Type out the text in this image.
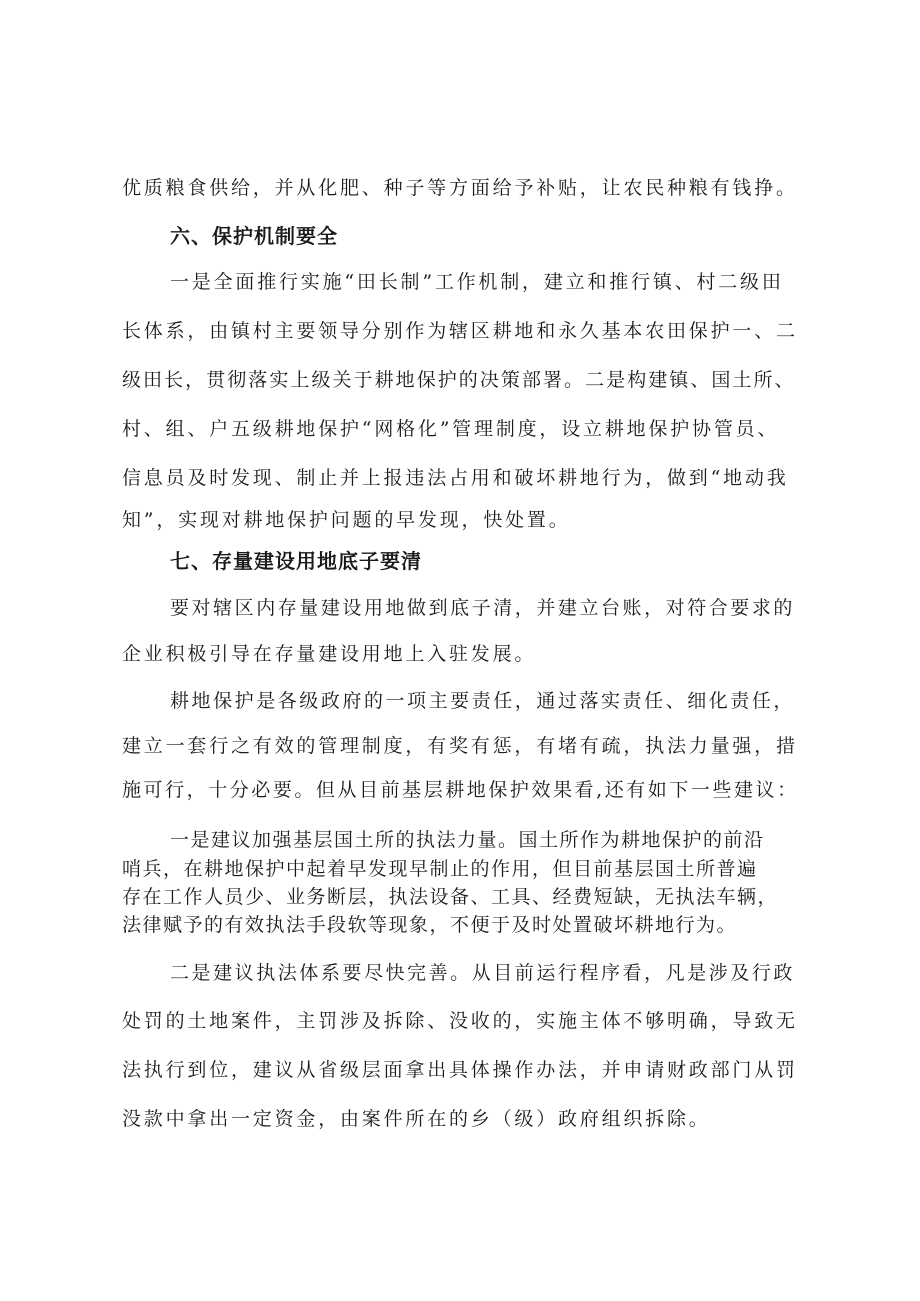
优质粮食供给，并从化肥、种子等方面给予补贴，让农民种粮有钱挣。
六、保护机制要全
一是全面推行实施“田长制”工作机制，建立和推行镇、村二级田
长体系，由镇村主要领导分别作为辖区耕地和永久基本农田保护一、二
级田长，贯彻落实上级关于耕地保护的决策部署。二是构建镇、国土所、
村、组、户五级耕地保护“网格化”管理制度，设立耕地保护协管员、
信息员及时发现、制止并上报违法占用和破坏耕地行为，做到“地动我
知”，实现对耕地保护问题的早发现，快处置。
七、存量建设用地底子要清
要对辖区内存量建设用地做到底子清，并建立台账，对符合要求的
企业积极引导在存量建设用地上入驻发展。
耕地保护是各级政府的一项主要责任，通过落实责任、细化责任，
建立一套行之有效的管理制度，有奖有惩，有堵有疏，执法力量强，措
施可行，十分必要。但从目前基层耕地保护效果看,还有如下一些建议：
一是建议加强基层国土所的执法力量。国土所作为耕地保护的前沿
哨兵，在耕地保护中起着早发现早制止的作用，但目前基层国土所普遍
存在工作人员少、业务断层，执法设备、工具、经费短缺，无执法车辆，
法律赋予的有效执法手段软等现象，不便于及时处置破坏耕地行为。
二是建议执法体系要尽快完善。从目前运行程序看，凡是涉及行政
处罚的土地案件，主罚涉及拆除、没收的，实施主体不够明确，导致无
法执行到位，建议从省级层面拿出具体操作办法，并申请财政部门从罚
没款中拿出一定资金，由案件所在的乡（级）政府组织拆除。
